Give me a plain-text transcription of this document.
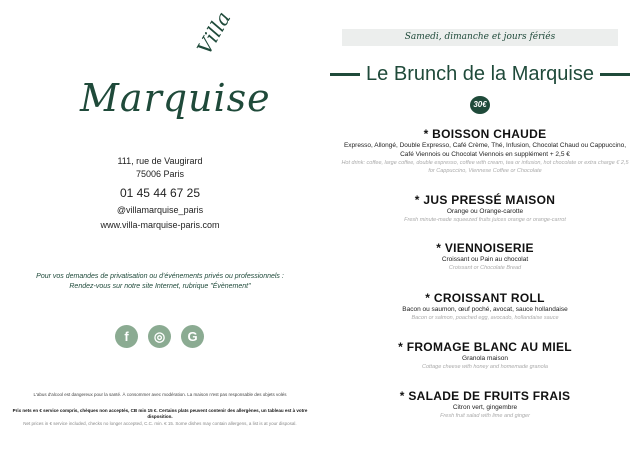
Villa
Marquise
111, rue de Vaugirard
75006 Paris
01 45 44 67 25
@villamarquise_paris
www.villa-marquise-paris.com
Pour vos demandes de privatisation ou d'événements privés ou professionnels :
Rendez-vous sur notre site Internet, rubrique "Évènement"
f	◎	G
L'abus d'alcool est dangereux pour la santé. À consommer avec modération. La maison n'est pas responsable des objets volés
Prix nets en € service compris, chèques non acceptés, CB min 15 €. Certains plats peuvent contenir des allergènes, un tableau est à votre disposition.
Net prices in € service included, checks no longer accepted, C.C. min. € 15. Some dishes may contain allergens, a list is at your disposal.
Samedi, dimanche et jours fériés
Le Brunch de la Marquise
30€
* BOISSON CHAUDE
Expresso, Allongé, Double Expresso, Café Crème, Thé, Infusion, Chocolat Chaud ou Cappuccino, Café Viennois ou Chocolat Viennois en supplément + 2,5 €
Hot drink: coffee, large coffee, double espresso, coffee with cream, tea or infusion, hot chocolate or extra charge € 2,5 for Cappuccino, Viennese Coffee or Chocolate
* JUS PRESSÉ MAISON
Orange ou Orange-carotte
Fresh minute-made squeezed fruits juices orange or orange-carrot
* VIENNOISERIE
Croissant ou Pain au chocolat
Croissant or Chocolate Bread
* CROISSANT ROLL
Bacon ou saumon, œuf poché, avocat, sauce hollandaise
Bacon or salmon, poached egg, avocado, hollandaise sauce
* FROMAGE BLANC AU MIEL
Granola maison
Cottage cheese with honey and homemade granola
* SALADE DE FRUITS FRAIS
Citron vert, gingembre
Fresh fruit salad with lime and ginger
